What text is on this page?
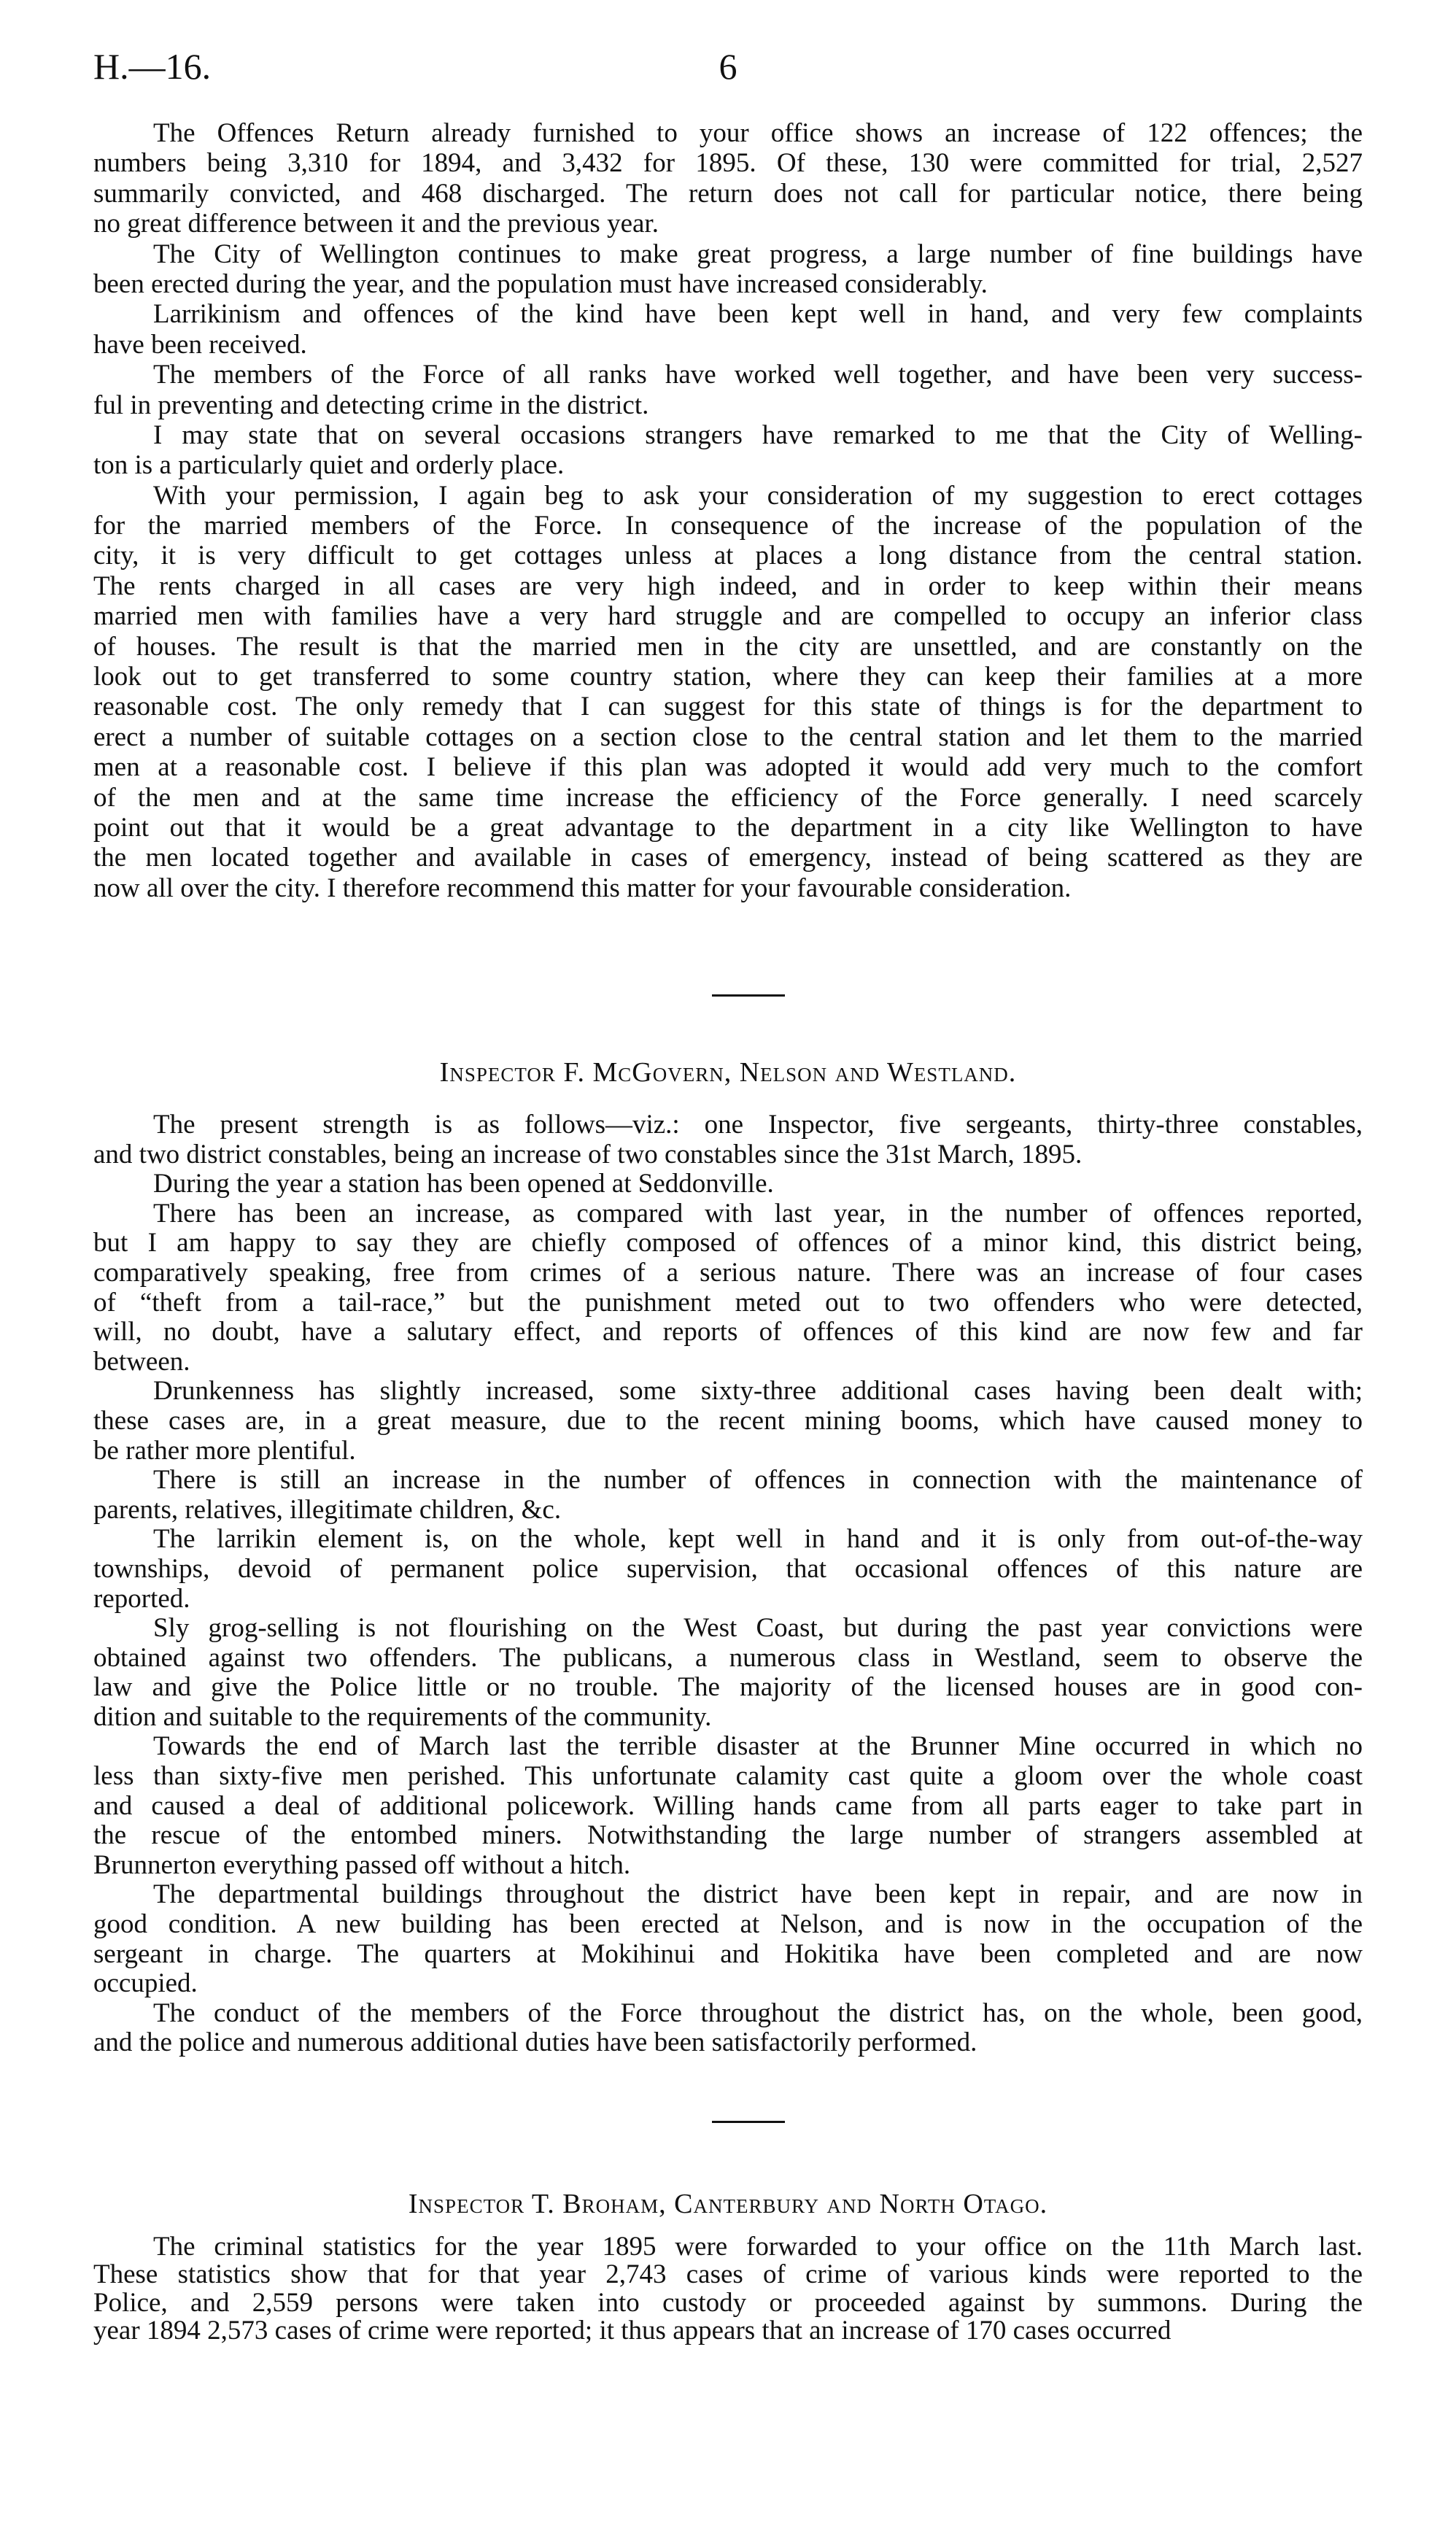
H.—16.	6
The Offences Return already furnished to your office shows an increase of 122 offences; the
numbers being 3,310 for 1894, and 3,432 for 1895. Of these, 130 were committed for trial, 2,527
summarily convicted, and 468 discharged. The return does not call for particular notice, there being
no great difference between it and the previous year.
The City of Wellington continues to make great progress, a large number of fine buildings have
been erected during the year, and the population must have increased considerably.
Larrikinism and offences of the kind have been kept well in hand, and very few complaints
have been received.
The members of the Force of all ranks have worked well together, and have been very success-
ful in preventing and detecting crime in the district.
I may state that on several occasions strangers have remarked to me that the City of Welling-
ton is a particularly quiet and orderly place.
With your permission, I again beg to ask your consideration of my suggestion to erect cottages
for the married members of the Force. In consequence of the increase of the population of the
city, it is very difficult to get cottages unless at places a long distance from the central station.
The rents charged in all cases are very high indeed, and in order to keep within their means
married men with families have a very hard struggle and are compelled to occupy an inferior class
of houses. The result is that the married men in the city are unsettled, and are constantly on the
look out to get transferred to some country station, where they can keep their families at a more
reasonable cost. The only remedy that I can suggest for this state of things is for the department to
erect a number of suitable cottages on a section close to the central station and let them to the married
men at a reasonable cost. I believe if this plan was adopted it would add very much to the comfort
of the men and at the same time increase the efficiency of the Force generally. I need scarcely
point out that it would be a great advantage to the department in a city like Wellington to have
the men located together and available in cases of emergency, instead of being scattered as they are
now all over the city. I therefore recommend this matter for your favourable consideration.
Inspector F. McGovern, Nelson and Westland.
The present strength is as follows—viz.: one Inspector, five sergeants, thirty-three constables,
and two district constables, being an increase of two constables since the 31st March, 1895.
During the year a station has been opened at Seddonville.
There has been an increase, as compared with last year, in the number of offences reported,
but I am happy to say they are chiefly composed of offences of a minor kind, this district being,
comparatively speaking, free from crimes of a serious nature. There was an increase of four cases
of “theft from a tail-race,” but the punishment meted out to two offenders who were detected,
will, no doubt, have a salutary effect, and reports of offences of this kind are now few and far
between.
Drunkenness has slightly increased, some sixty-three additional cases having been dealt with;
these cases are, in a great measure, due to the recent mining booms, which have caused money to
be rather more plentiful.
There is still an increase in the number of offences in connection with the maintenance of
parents, relatives, illegitimate children, &c.
The larrikin element is, on the whole, kept well in hand and it is only from out-of-the-way
townships, devoid of permanent police supervision, that occasional offences of this nature are
reported.
Sly grog-selling is not flourishing on the West Coast, but during the past year convictions were
obtained against two offenders. The publicans, a numerous class in Westland, seem to observe the
law and give the Police little or no trouble. The majority of the licensed houses are in good con-
dition and suitable to the requirements of the community.
Towards the end of March last the terrible disaster at the Brunner Mine occurred in which no
less than sixty-five men perished. This unfortunate calamity cast quite a gloom over the whole coast
and caused a deal of additional policework. Willing hands came from all parts eager to take part in
the rescue of the entombed miners. Notwithstanding the large number of strangers assembled at
Brunnerton everything passed off without a hitch.
The departmental buildings throughout the district have been kept in repair, and are now in
good condition. A new building has been erected at Nelson, and is now in the occupation of the
sergeant in charge. The quarters at Mokihinui and Hokitika have been completed and are now
occupied.
The conduct of the members of the Force throughout the district has, on the whole, been good,
and the police and numerous additional duties have been satisfactorily performed.
Inspector T. Broham, Canterbury and North Otago.
The criminal statistics for the year 1895 were forwarded to your office on the 11th March last.
These statistics show that for that year 2,743 cases of crime of various kinds were reported to the
Police, and 2,559 persons were taken into custody or proceeded against by summons. During the
year 1894 2,573 cases of crime were reported; it thus appears that an increase of 170 cases occurred
